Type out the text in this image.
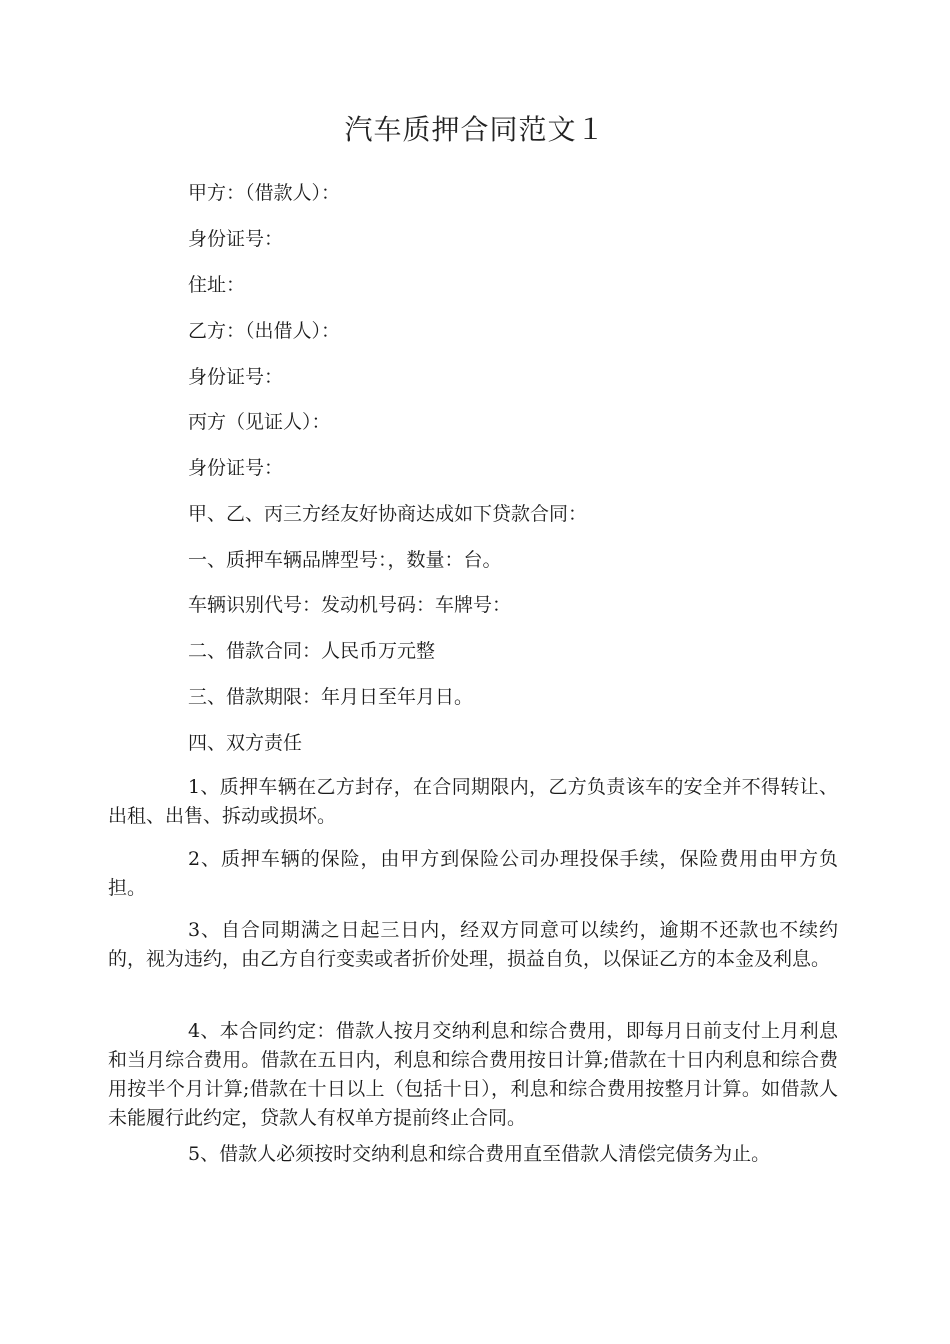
汽车质押合同范文１
甲方：（借款人）：
身份证号：
住址：
乙方：（出借人）：
身份证号：
丙方（见证人）：
身份证号：
甲、乙、丙三方经友好协商达成如下贷款合同：
一、质押车辆品牌型号：，数量：台。
车辆识别代号：发动机号码：车牌号：
二、借款合同：人民币万元整
三、借款期限：年月日至年月日。
四、双方责任
1、质押车辆在乙方封存，在合同期限内，乙方负责该车的安全并不得转让、出租、出售、拆动或损坏。
2、质押车辆的保险，由甲方到保险公司办理投保手续，保险费用由甲方负担。
3、自合同期满之日起三日内，经双方同意可以续约，逾期不还款也不续约的，视为违约，由乙方自行变卖或者折价处理，损益自负，以保证乙方的本金及利息。
4、本合同约定：借款人按月交纳利息和综合费用，即每月日前支付上月利息和当月综合费用。借款在五日内，利息和综合费用按日计算;借款在十日内利息和综合费用按半个月计算;借款在十日以上（包括十日），利息和综合费用按整月计算。如借款人未能履行此约定，贷款人有权单方提前终止合同。
5、借款人必须按时交纳利息和综合费用直至借款人清偿完债务为止。
